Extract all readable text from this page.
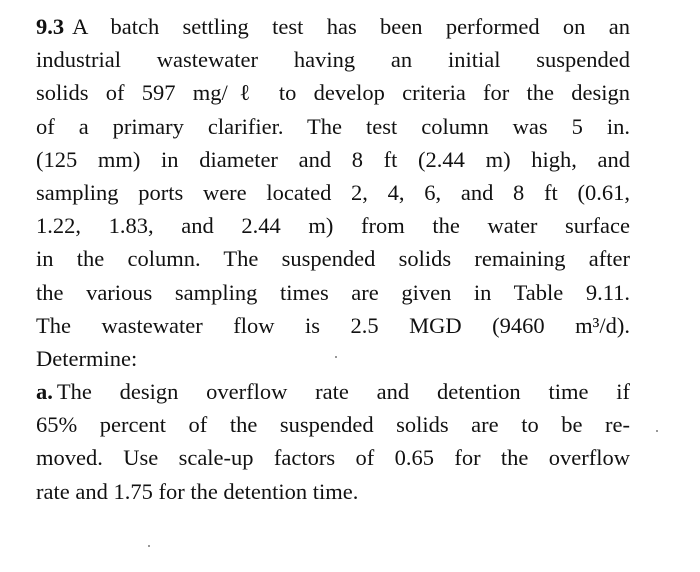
9.3 A batch settling test has been performed on an
industrial wastewater having an initial suspended
solids of 597 mg/ℓ to develop criteria for the design
of a primary clarifier. The test column was 5 in.
(125 mm) in diameter and 8 ft (2.44 m) high, and
sampling ports were located 2, 4, 6, and 8 ft (0.61,
1.22, 1.83, and 2.44 m) from the water surface
in the column. The suspended solids remaining after
the various sampling times are given in Table 9.11.
The wastewater flow is 2.5 MGD (9460 m³/d).
Determine:
a. The design overflow rate and detention time if
65% percent of the suspended solids are to be re-
moved. Use scale-up factors of 0.65 for the overflow
rate and 1.75 for the detention time.
